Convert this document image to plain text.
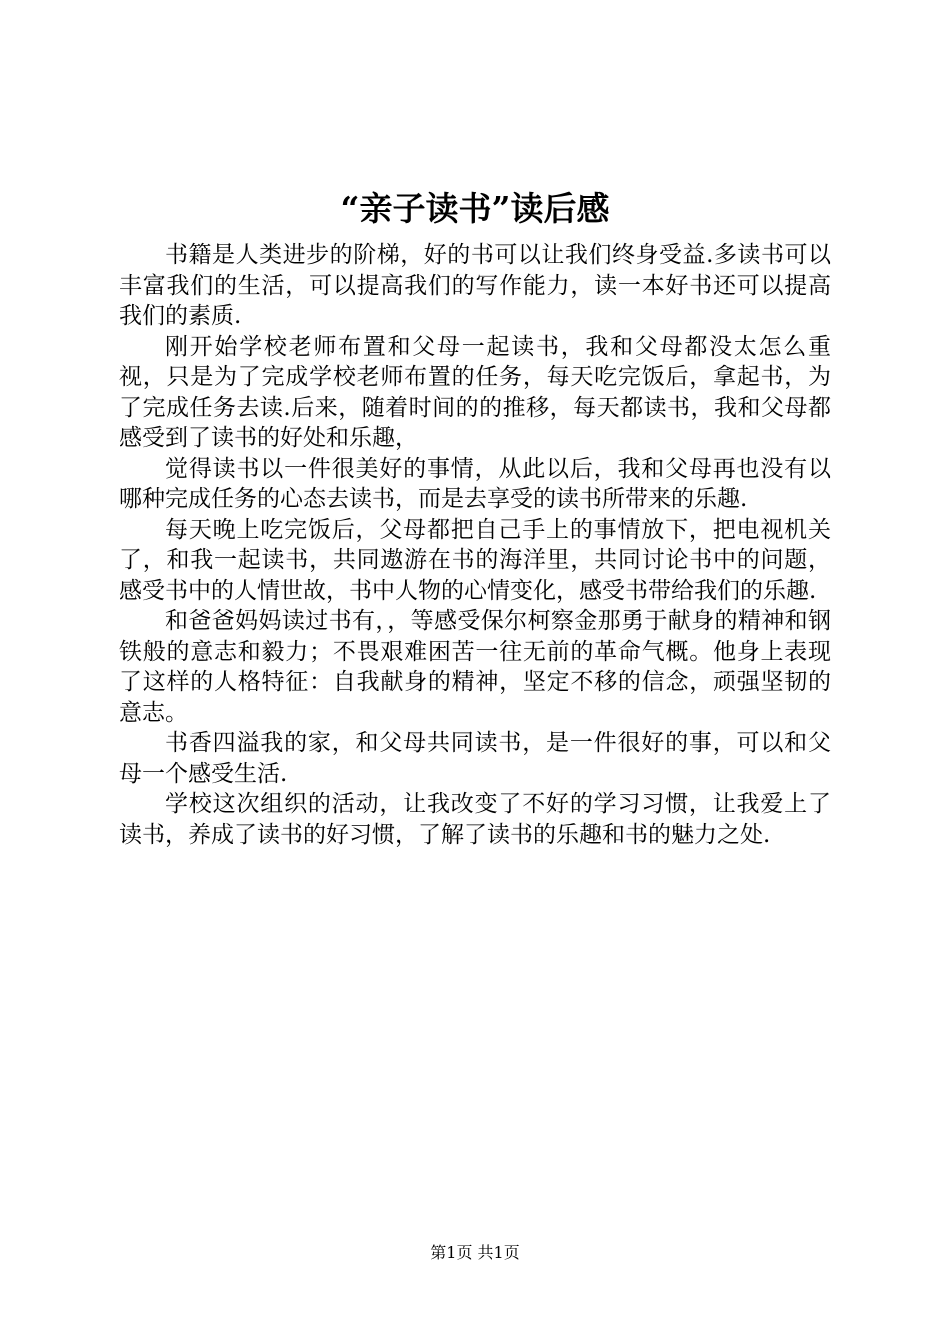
“亲子读书”读后感

书籍是人类进步的阶梯，好的书可以让我们终身受益.多读书可以丰富我们的生活，可以提高我们的写作能力，读一本好书还可以提高我们的素质.

刚开始学校老师布置和父母一起读书，我和父母都没太怎么重视，只是为了完成学校老师布置的任务，每天吃完饭后，拿起书，为了完成任务去读.后来，随着时间的的推移，每天都读书，我和父母都感受到了读书的好处和乐趣，

觉得读书以一件很美好的事情，从此以后，我和父母再也没有以哪种完成任务的心态去读书，而是去享受的读书所带来的乐趣.

每天晚上吃完饭后，父母都把自己手上的事情放下，把电视机关了，和我一起读书，共同遨游在书的海洋里，共同讨论书中的问题，感受书中的人情世故，书中人物的心情变化，感受书带给我们的乐趣.

和爸爸妈妈读过书有，，等感受保尔柯察金那勇于献身的精神和钢铁般的意志和毅力；不畏艰难困苦一往无前的革命气概。他身上表现了这样的人格特征：自我献身的精神，坚定不移的信念，顽强坚韧的意志。

书香四溢我的家，和父母共同读书，是一件很好的事，可以和父母一个感受生活.

学校这次组织的活动，让我改变了不好的学习习惯，让我爱上了读书，养成了读书的好习惯，了解了读书的乐趣和书的魅力之处.

第1页 共1页
